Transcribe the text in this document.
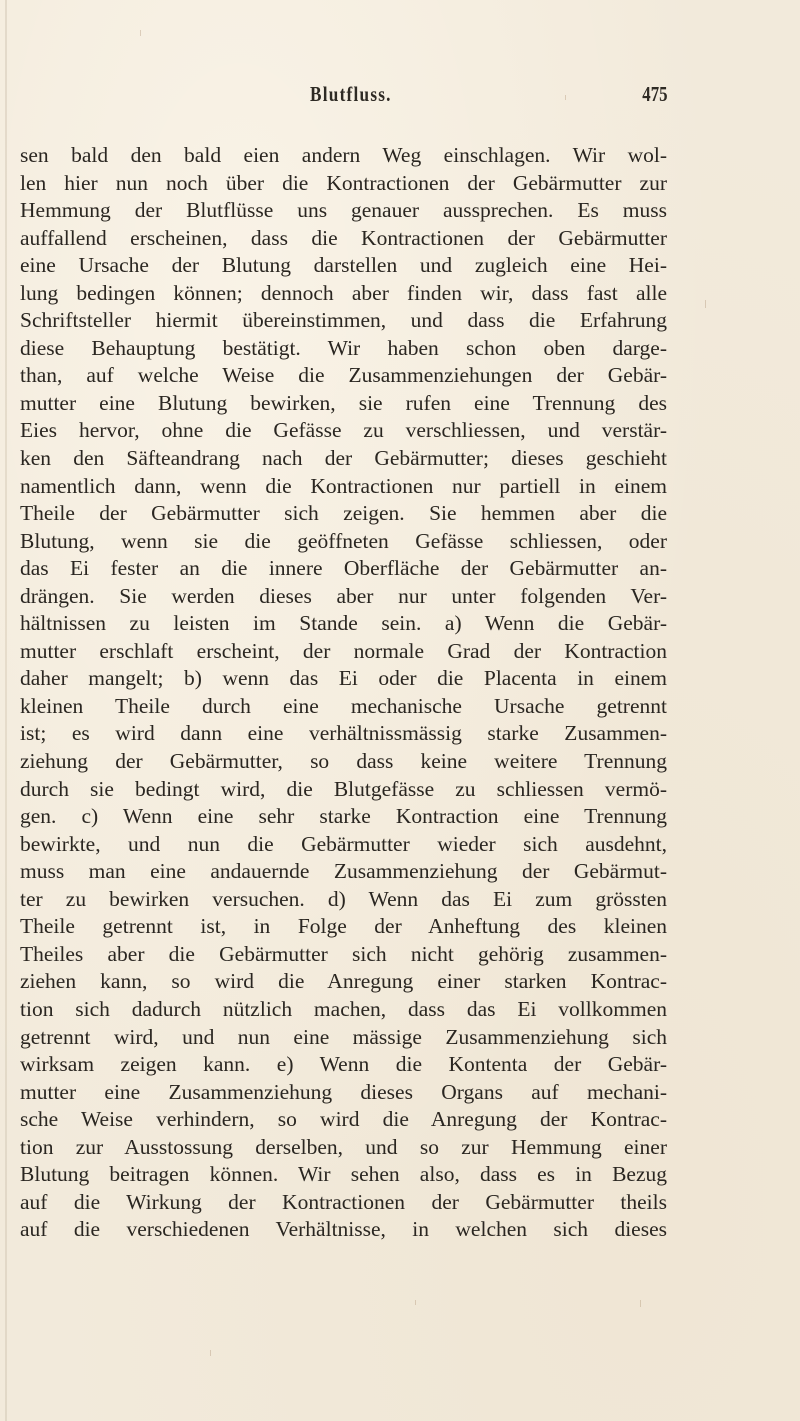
Blutfluss.	475
sen bald den bald eien andern Weg einschlagen. Wir wol-
len hier nun noch über die Kontractionen der Gebärmutter zur
Hemmung der Blutflüsse uns genauer aussprechen. Es muss
auffallend erscheinen, dass die Kontractionen der Gebärmutter
eine Ursache der Blutung darstellen und zugleich eine Hei-
lung bedingen können; dennoch aber finden wir, dass fast alle
Schriftsteller hiermit übereinstimmen, und dass die Erfahrung
diese Behauptung bestätigt. Wir haben schon oben darge-
than, auf welche Weise die Zusammenziehungen der Gebär-
mutter eine Blutung bewirken, sie rufen eine Trennung des
Eies hervor, ohne die Gefässe zu verschliessen, und verstär-
ken den Säfteandrang nach der Gebärmutter; dieses geschieht
namentlich dann, wenn die Kontractionen nur partiell in einem
Theile der Gebärmutter sich zeigen. Sie hemmen aber die
Blutung, wenn sie die geöffneten Gefässe schliessen, oder
das Ei fester an die innere Oberfläche der Gebärmutter an-
drängen. Sie werden dieses aber nur unter folgenden Ver-
hältnissen zu leisten im Stande sein. a) Wenn die Gebär-
mutter erschlaft erscheint, der normale Grad der Kontraction
daher mangelt; b) wenn das Ei oder die Placenta in einem
kleinen Theile durch eine mechanische Ursache getrennt
ist; es wird dann eine verhältnissmässig starke Zusammen-
ziehung der Gebärmutter, so dass keine weitere Trennung
durch sie bedingt wird, die Blutgefässe zu schliessen vermö-
gen. c) Wenn eine sehr starke Kontraction eine Trennung
bewirkte, und nun die Gebärmutter wieder sich ausdehnt,
muss man eine andauernde Zusammenziehung der Gebärmut-
ter zu bewirken versuchen. d) Wenn das Ei zum grössten
Theile getrennt ist, in Folge der Anheftung des kleinen
Theiles aber die Gebärmutter sich nicht gehörig zusammen-
ziehen kann, so wird die Anregung einer starken Kontrac-
tion sich dadurch nützlich machen, dass das Ei vollkommen
getrennt wird, und nun eine mässige Zusammenziehung sich
wirksam zeigen kann. e) Wenn die Kontenta der Gebär-
mutter eine Zusammenziehung dieses Organs auf mechani-
sche Weise verhindern, so wird die Anregung der Kontrac-
tion zur Ausstossung derselben, und so zur Hemmung einer
Blutung beitragen können. Wir sehen also, dass es in Bezug
auf die Wirkung der Kontractionen der Gebärmutter theils
auf die verschiedenen Verhältnisse, in welchen sich dieses
